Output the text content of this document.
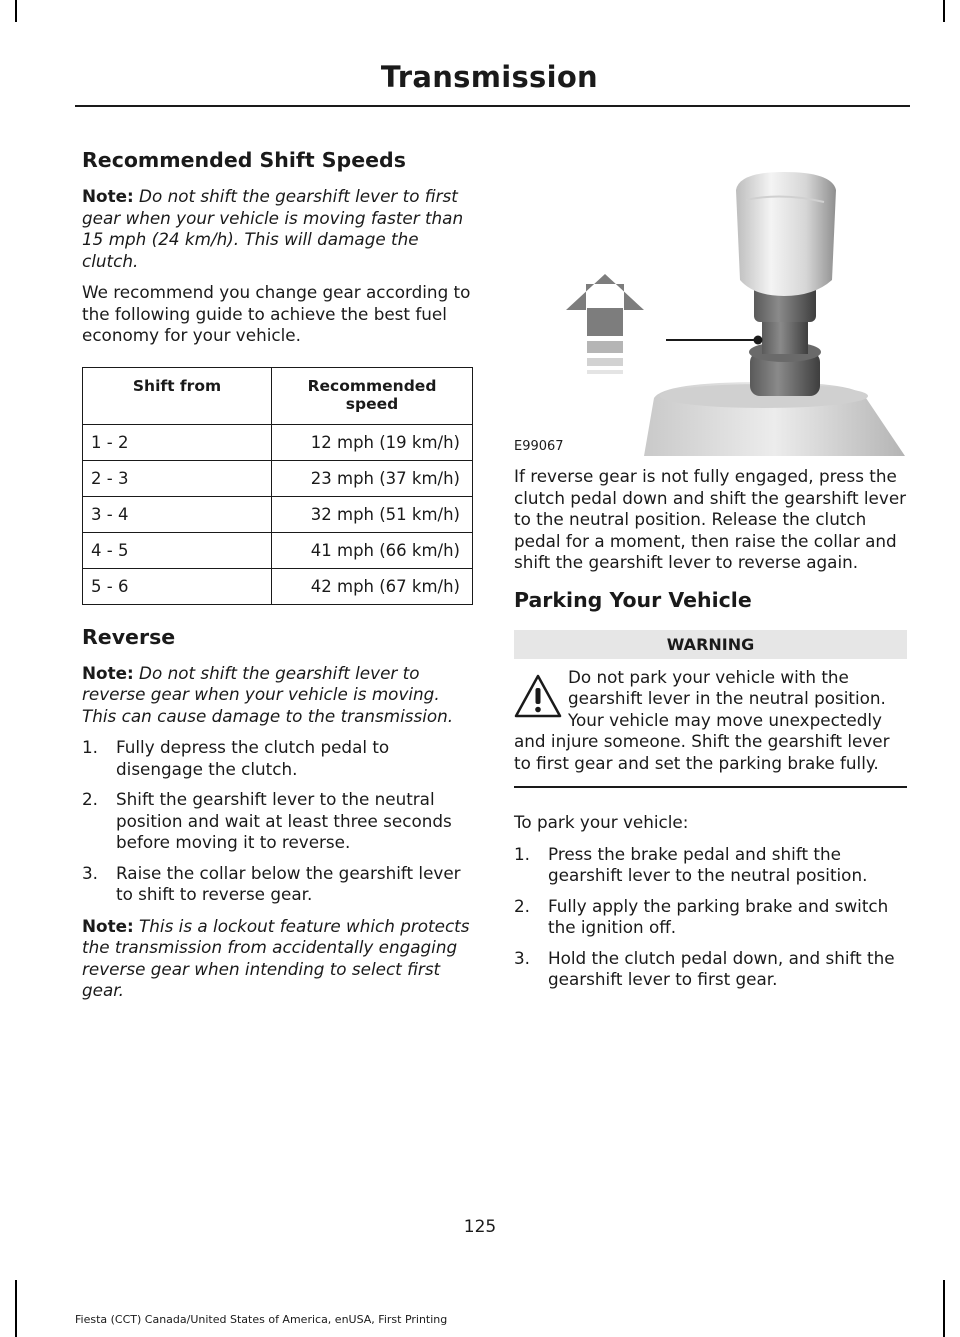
Transmission
Recommended Shift Speeds

Note: Do not shift the gearshift lever to first gear when your vehicle is moving faster than 15 mph (24 km/h). This will damage the clutch.

We recommend you change gear according to the following guide to achieve the best fuel economy for your vehicle.

Shift from	Recommended speed
1 - 2	12 mph (19 km/h)
2 - 3	23 mph (37 km/h)
3 - 4	32 mph (51 km/h)
4 - 5	41 mph (66 km/h)
5 - 6	42 mph (67 km/h)
Reverse

Note: Do not shift the gearshift lever to reverse gear when your vehicle is moving. This can cause damage to the transmission.

1. Fully depress the clutch pedal to disengage the clutch.
2. Shift the gearshift lever to the neutral position and wait at least three seconds before moving it to reverse.
3. Raise the collar below the gearshift lever to shift to reverse gear.

Note: This is a lockout feature which protects the transmission from accidentally engaging reverse gear when intending to select first gear.

E99067

If reverse gear is not fully engaged, press the clutch pedal down and shift the gearshift lever to the neutral position. Release the clutch pedal for a moment, then raise the collar and shift the gearshift lever to reverse again.

Parking Your Vehicle
WARNING
Do not park your vehicle with the gearshift lever in the neutral position. Your vehicle may move unexpectedly and injure someone. Shift the gearshift lever to first gear and set the parking brake fully.

To park your vehicle:

1. Press the brake pedal and shift the gearshift lever to the neutral position.
2. Fully apply the parking brake and switch the ignition off.
3. Hold the clutch pedal down, and shift the gearshift lever to first gear.
125
Fiesta (CCT) Canada/United States of America, enUSA, First Printing
